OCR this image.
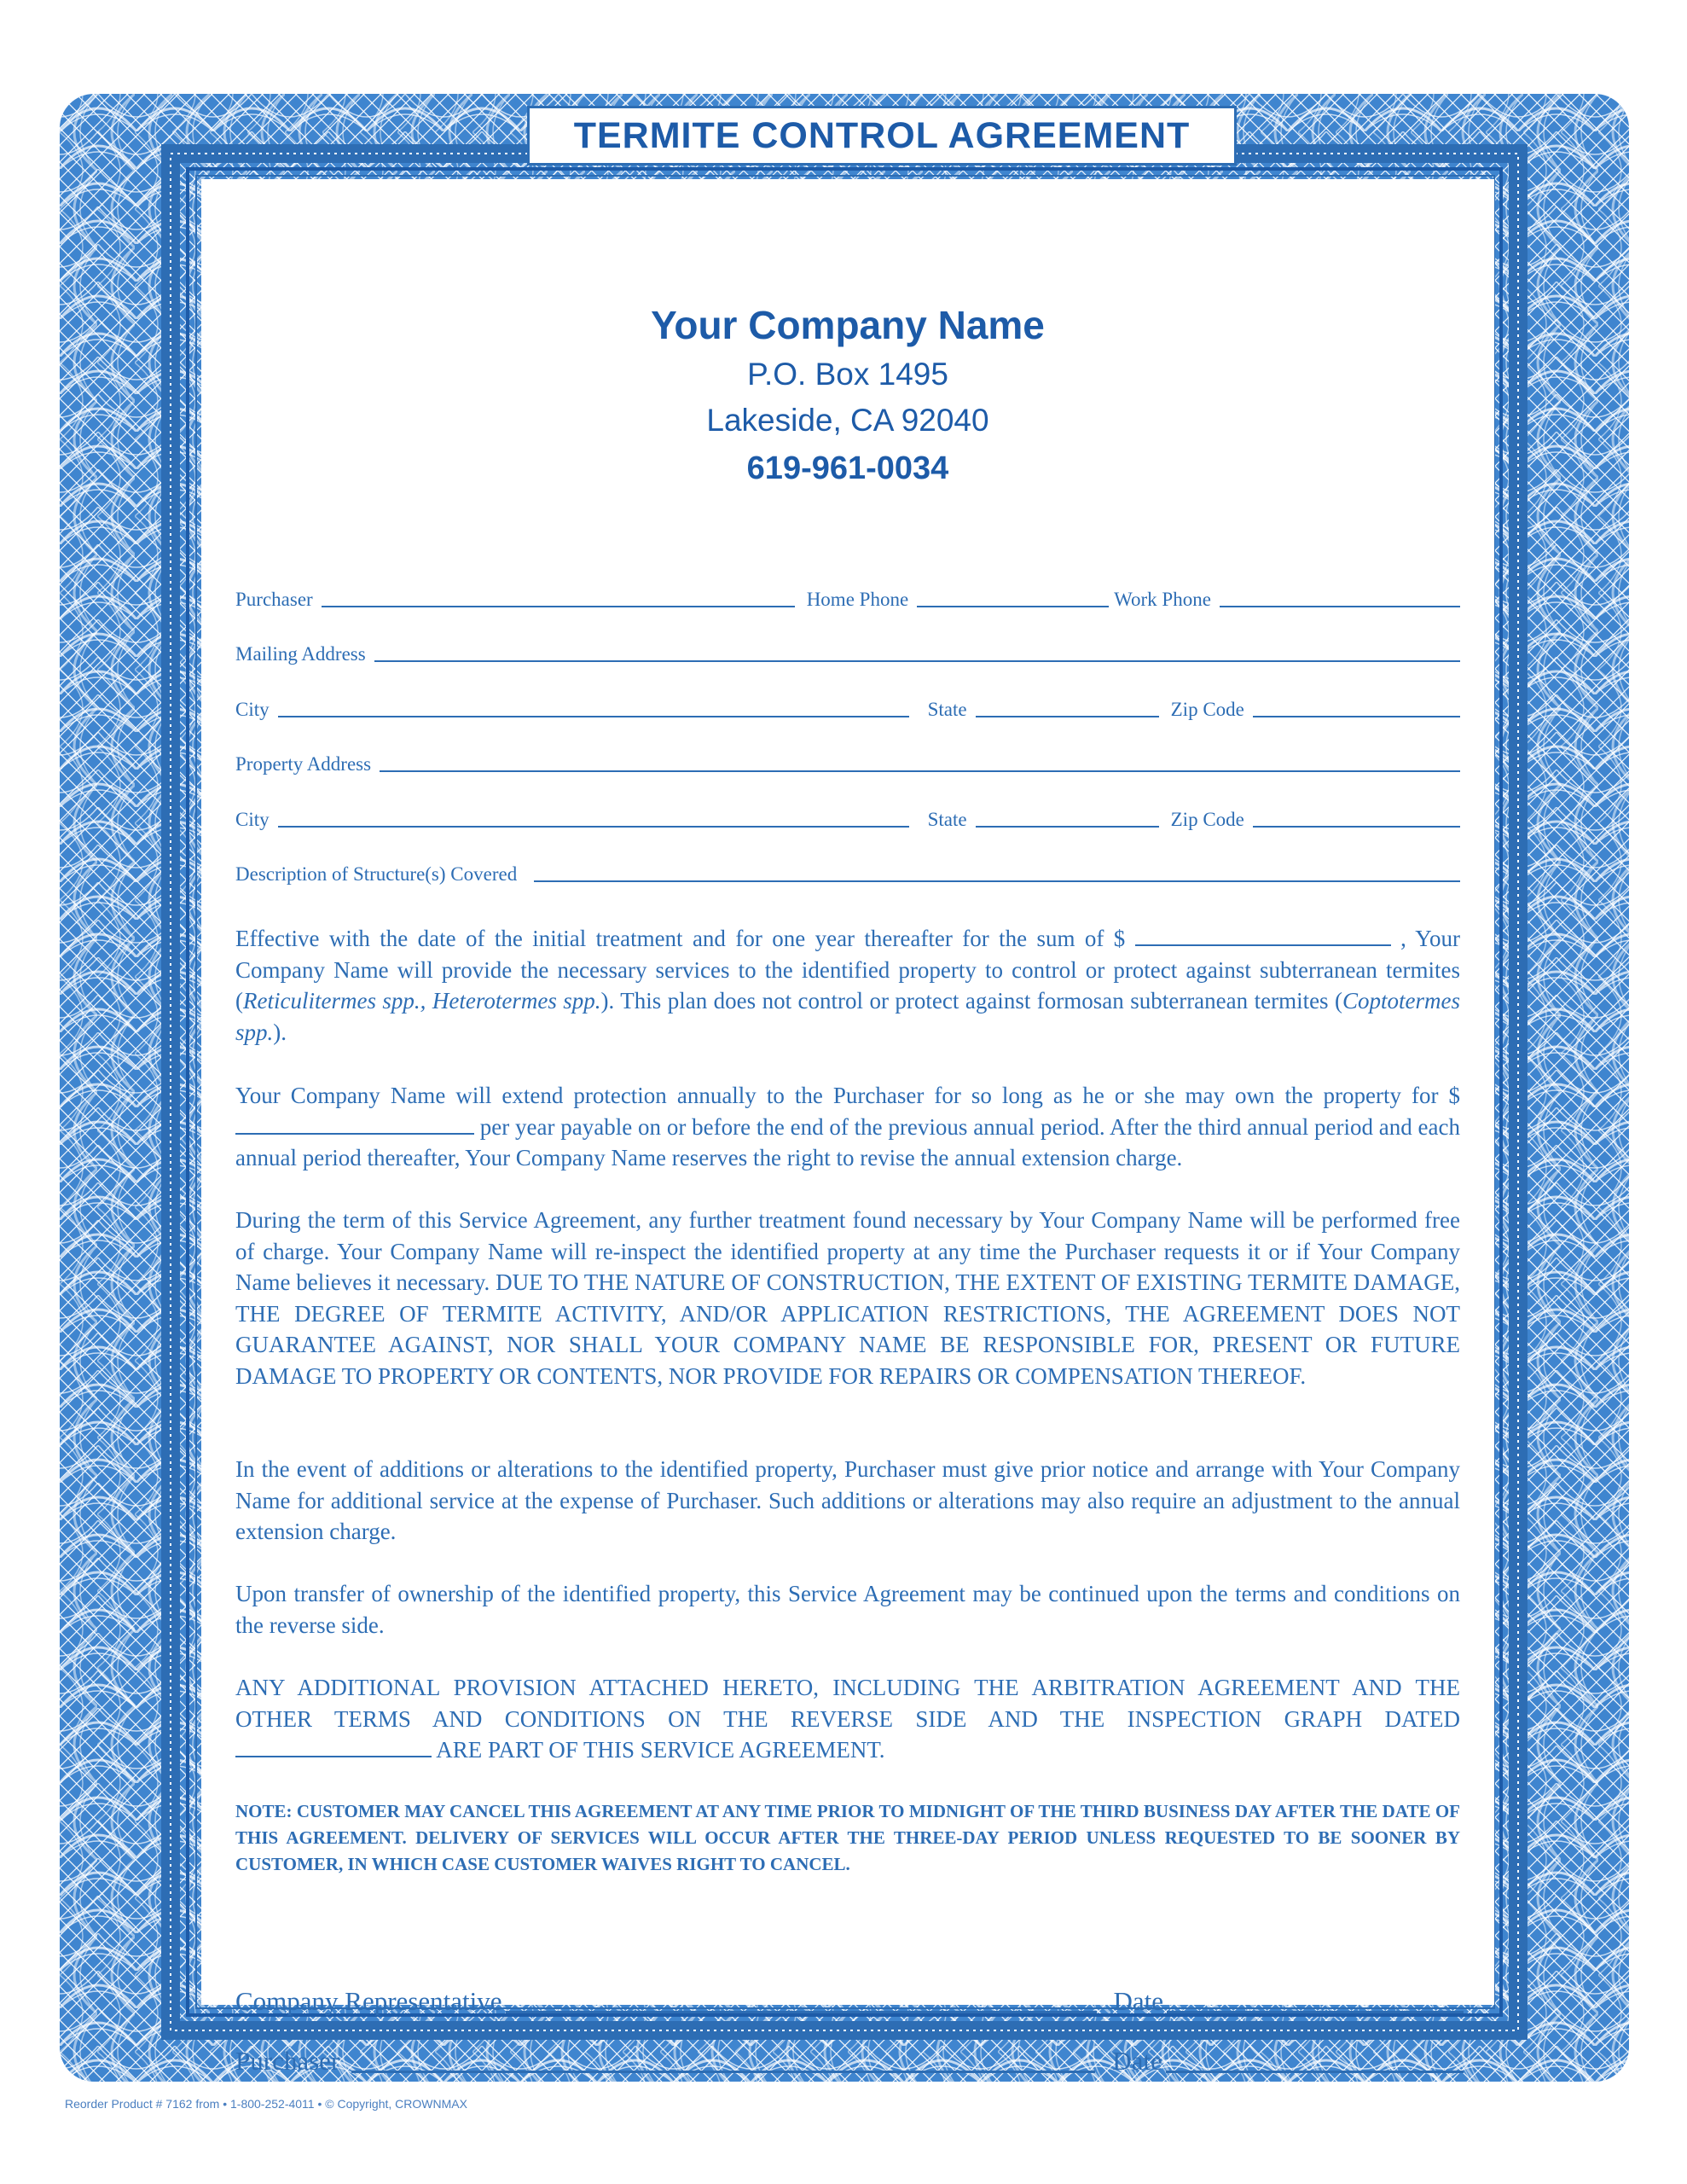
TERMITE CONTROL AGREEMENT
Your Company Name
P.O. Box 1495
Lakeside, CA 92040
619-961-0034
Purchaser	Home Phone	Work Phone
Mailing Address
City	State	Zip Code
Property Address
City	State	Zip Code
Description of Structure(s) Covered

Effective with the date of the initial treatment and for one year thereafter for the sum of $	, Your Company Name will provide the necessary services to the identified property to control or protect against subterranean termites (Reticulitermes spp., Heterotermes spp.). This plan does not control or protect against formosan subterranean termites (Coptotermes spp.).

Your Company Name will extend protection annually to the Purchaser for so long as he or she may own the property for $  per year payable on or before the end of the previous annual period. After the third annual period and each annual period thereafter, Your Company Name reserves the right to revise the annual extension charge.

During the term of this Service Agreement, any further treatment found necessary by Your Company Name will be performed free of charge. Your Company Name will re-inspect the identified property at any time the Purchaser requests it or if Your Company Name believes it necessary. DUE TO THE NATURE OF CONSTRUCTION, THE EXTENT OF EXISTING TERMITE DAMAGE, THE DEGREE OF TERMITE ACTIVITY, AND/OR APPLICATION RESTRICTIONS, THE AGREEMENT DOES NOT GUARANTEE AGAINST, NOR SHALL YOUR COMPANY NAME BE RESPONSIBLE FOR, PRESENT OR FUTURE DAMAGE TO PROPERTY OR CONTENTS, NOR PROVIDE FOR REPAIRS OR COMPENSATION THEREOF.

In the event of additions or alterations to the identified property, Purchaser must give prior notice and arrange with Your Company Name for additional service at the expense of Purchaser. Such additions or alterations may also require an adjustment to the annual extension charge.

Upon transfer of ownership of the identified property, this Service Agreement may be continued upon the terms and conditions on the reverse side.

ANY ADDITIONAL PROVISION ATTACHED HERETO, INCLUDING THE ARBITRATION AGREEMENT AND THE OTHER TERMS AND CONDITIONS ON THE REVERSE SIDE AND THE INSPECTION GRAPH DATED  ARE PART OF THIS SERVICE AGREEMENT.

NOTE: CUSTOMER MAY CANCEL THIS AGREEMENT AT ANY TIME PRIOR TO MIDNIGHT OF THE THIRD BUSINESS DAY AFTER THE DATE OF THIS AGREEMENT. DELIVERY OF SERVICES WILL OCCUR AFTER THE THREE-DAY PERIOD UNLESS REQUESTED TO BE SOONER BY CUSTOMER, IN WHICH CASE CUSTOMER WAIVES RIGHT TO CANCEL.

Company Representative	Date
Purchaser	Date
Reorder Product # 7162 from • 1-800-252-4011 • © Copyright, CROWNMAX
